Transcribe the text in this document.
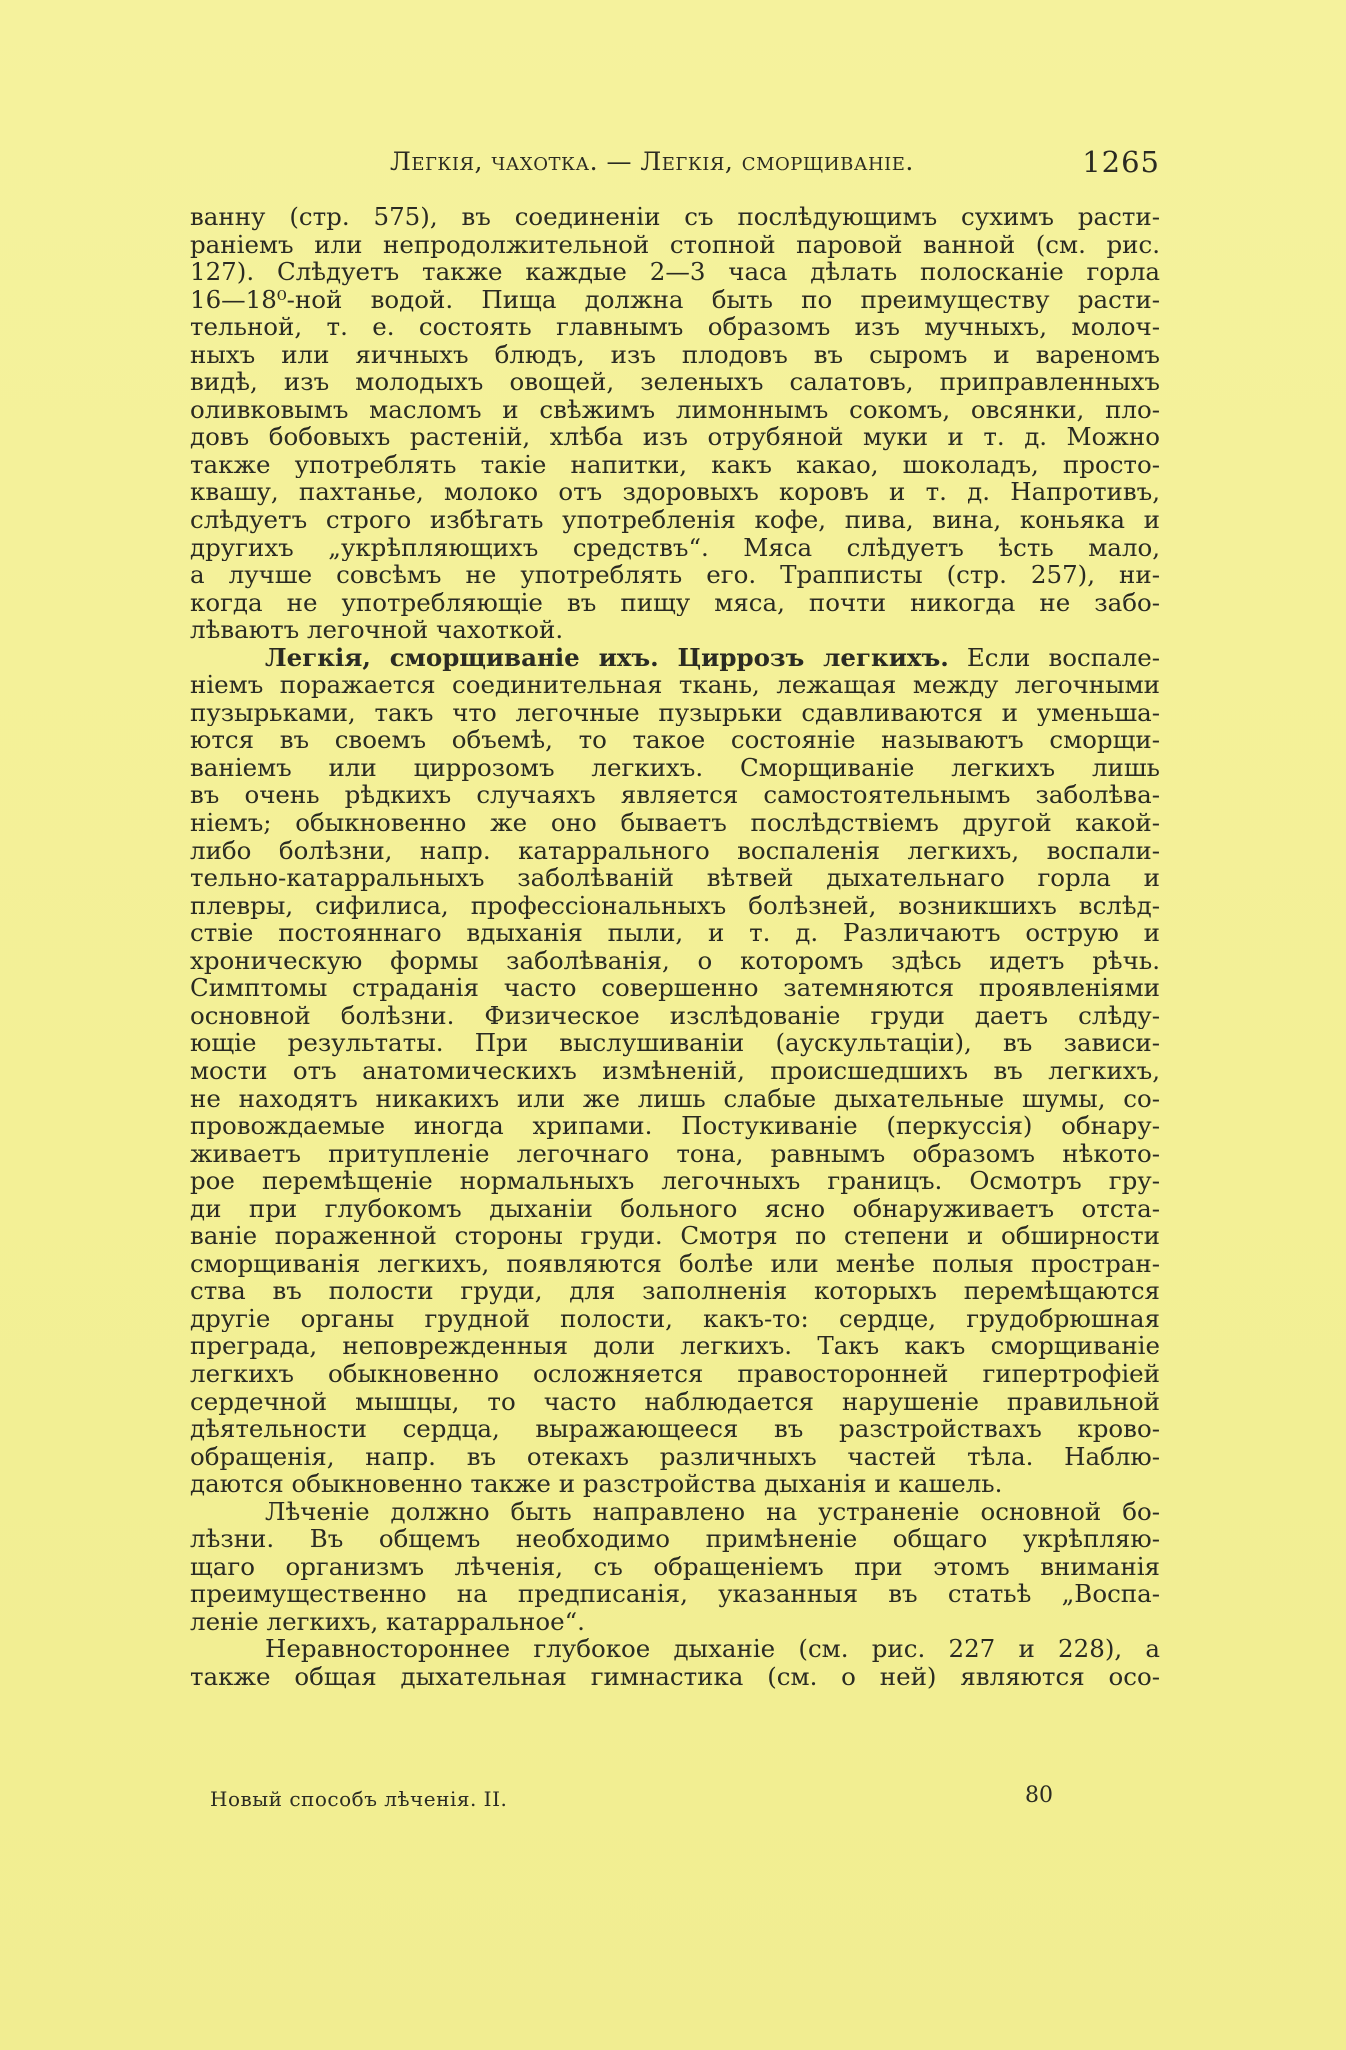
Легкія, чахотка. — Легкія, сморщиваніе.	1265
ванну (стр. 575), въ соединеніи съ послѣдующимъ сухимъ расти-
раніемъ или непродолжительной стопной паровой ванной (см. рис.
127). Слѣдуетъ также каждые 2—3 часа дѣлать полосканіе горла
16—18⁰-ной водой. Пища должна быть по преимуществу расти-
тельной, т. е. состоять главнымъ образомъ изъ мучныхъ, молоч-
ныхъ или яичныхъ блюдъ, изъ плодовъ въ сыромъ и вареномъ
видѣ, изъ молодыхъ овощей, зеленыхъ салатовъ, приправленныхъ
оливковымъ масломъ и свѣжимъ лимоннымъ сокомъ, овсянки, пло-
довъ бобовыхъ растеній, хлѣба изъ отрубяной муки и т. д. Можно
также употреблять такіе напитки, какъ какао, шоколадъ, просто-
квашу, пахтанье, молоко отъ здоровыхъ коровъ и т. д. Напротивъ,
слѣдуетъ строго избѣгать употребленія кофе, пива, вина, коньяка и
другихъ „укрѣпляющихъ средствъ“. Мяса слѣдуетъ ѣсть мало,
а лучше совсѣмъ не употреблять его. Трапписты (стр. 257), ни-
когда не употребляющіе въ пищу мяса, почти никогда не забо-
лѣваютъ легочной чахоткой.
Легкія, сморщиваніе ихъ. Циррозъ легкихъ. Если воспале-
ніемъ поражается соединительная ткань, лежащая между легочными
пузырьками, такъ что легочные пузырьки сдавливаются и уменьша-
ются въ своемъ объемѣ, то такое состояніе называютъ сморщи-
ваніемъ или циррозомъ легкихъ. Сморщиваніе легкихъ лишь
въ очень рѣдкихъ случаяхъ является самостоятельнымъ заболѣва-
ніемъ; обыкновенно же оно бываетъ послѣдствіемъ другой какой-
либо болѣзни, напр. катаррального воспаленія легкихъ, воспали-
тельно-катарральныхъ заболѣваній вѣтвей дыхательнаго горла и
плевры, сифилиса, профессіональныхъ болѣзней, возникшихъ вслѣд-
ствіе постояннаго вдыханія пыли, и т. д. Различаютъ острую и
хроническую формы заболѣванія, о которомъ здѣсь идетъ рѣчь.
Симптомы страданія часто совершенно затемняются проявленіями
основной болѣзни. Физическое изслѣдованіе груди даетъ слѣду-
ющіе результаты. При выслушиваніи (аускультаціи), въ зависи-
мости отъ анатомическихъ измѣненій, происшедшихъ въ легкихъ,
не находятъ никакихъ или же лишь слабые дыхательные шумы, со-
провождаемые иногда хрипами. Постукиваніе (перкуссія) обнару-
живаетъ притупленіе легочнаго тона, равнымъ образомъ нѣкото-
рое перемѣщеніе нормальныхъ легочныхъ границъ. Осмотръ гру-
ди при глубокомъ дыханіи больного ясно обнаруживаетъ отста-
ваніе пораженной стороны груди. Смотря по степени и обширности
сморщиванія легкихъ, появляются болѣе или менѣе полыя простран-
ства въ полости груди, для заполненія которыхъ перемѣщаются
другіе органы грудной полости, какъ-то: сердце, грудобрюшная
преграда, неповрежденныя доли легкихъ. Такъ какъ сморщиваніе
легкихъ обыкновенно осложняется правосторонней гипертрофіей
сердечной мышцы, то часто наблюдается нарушеніе правильной
дѣятельности сердца, выражающееся въ разстройствахъ крово-
обращенія, напр. въ отекахъ различныхъ частей тѣла. Наблю-
даются обыкновенно также и разстройства дыханія и кашель.
Лѣченіе должно быть направлено на устраненіе основной бо-
лѣзни. Въ общемъ необходимо примѣненіе общаго укрѣпляю-
щаго организмъ лѣченія, съ обращеніемъ при этомъ вниманія
преимущественно на предписанія, указанныя въ статьѣ „Воспа-
леніе легкихъ, катарральное“.
Неравностороннее глубокое дыханіе (см. рис. 227 и 228), а
также общая дыхательная гимнастика (см. о ней) являются осо-
Новый способъ лѣченія. II.	80
